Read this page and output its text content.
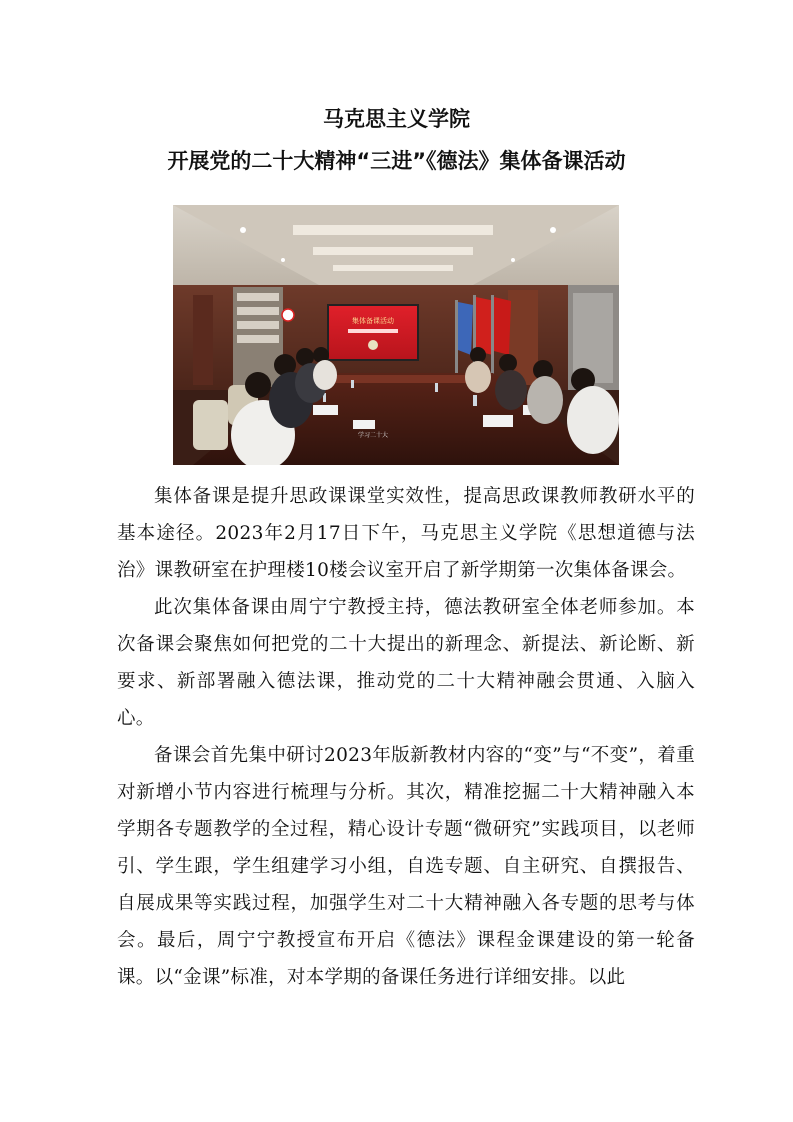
马克思主义学院
开展党的二十大精神“三进”《德法》集体备课活动
集体备课活动
学习二十大

集体备课是提升思政课课堂实效性，提高思政课教师教研水平的基本途径。2023年2月17日下午，马克思主义学院《思想道德与法治》课教研室在护理楼10楼会议室开启了新学期第一次集体备课会。

此次集体备课由周宁宁教授主持，德法教研室全体老师参加。本次备课会聚焦如何把党的二十大提出的新理念、新提法、新论断、新要求、新部署融入德法课，推动党的二十大精神融会贯通、入脑入心。

备课会首先集中研讨2023年版新教材内容的“变”与“不变”，着重对新增小节内容进行梳理与分析。其次，精准挖掘二十大精神融入本学期各专题教学的全过程，精心设计专题“微研究”实践项目，以老师引、学生跟，学生组建学习小组，自选专题、自主研究、自撰报告、自展成果等实践过程，加强学生对二十大精神融入各专题的思考与体会。最后，周宁宁教授宣布开启《德法》课程金课建设的第一轮备课。以“金课”标准，对本学期的备课任务进行详细安排。以此
